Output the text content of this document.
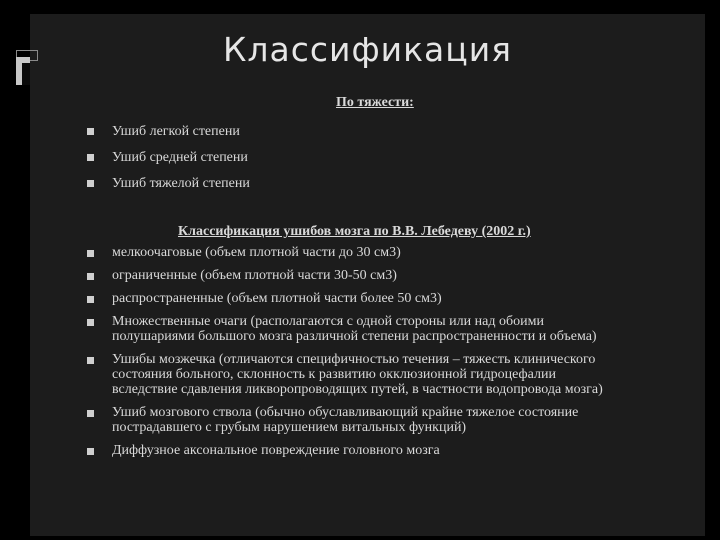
Классификация
По тяжести:
Ушиб легкой степени
Ушиб средней степени
Ушиб тяжелой степени
Классификация ушибов мозга по В.В. Лебедеву (2002 г.)
мелкоочаговые (объем плотной части до 30 см3)
ограниченные (объем плотной части 30-50 см3)
распространенные (объем плотной части более 50 см3)
Множественные очаги (располагаются с одной стороны или над обоими
полушариями большого мозга различной степени распространенности и объема)
Ушибы мозжечка (отличаются специфичностью течения – тяжесть клинического
состояния больного, склонность к развитию окклюзионной гидроцефалии
вследствие сдавления ликворопроводящих путей, в частности водопровода мозга)
Ушиб мозгового ствола (обычно обуславливающий крайне тяжелое состояние
пострадавшего с грубым нарушением витальных функций)
Диффузное аксональное повреждение головного мозга
